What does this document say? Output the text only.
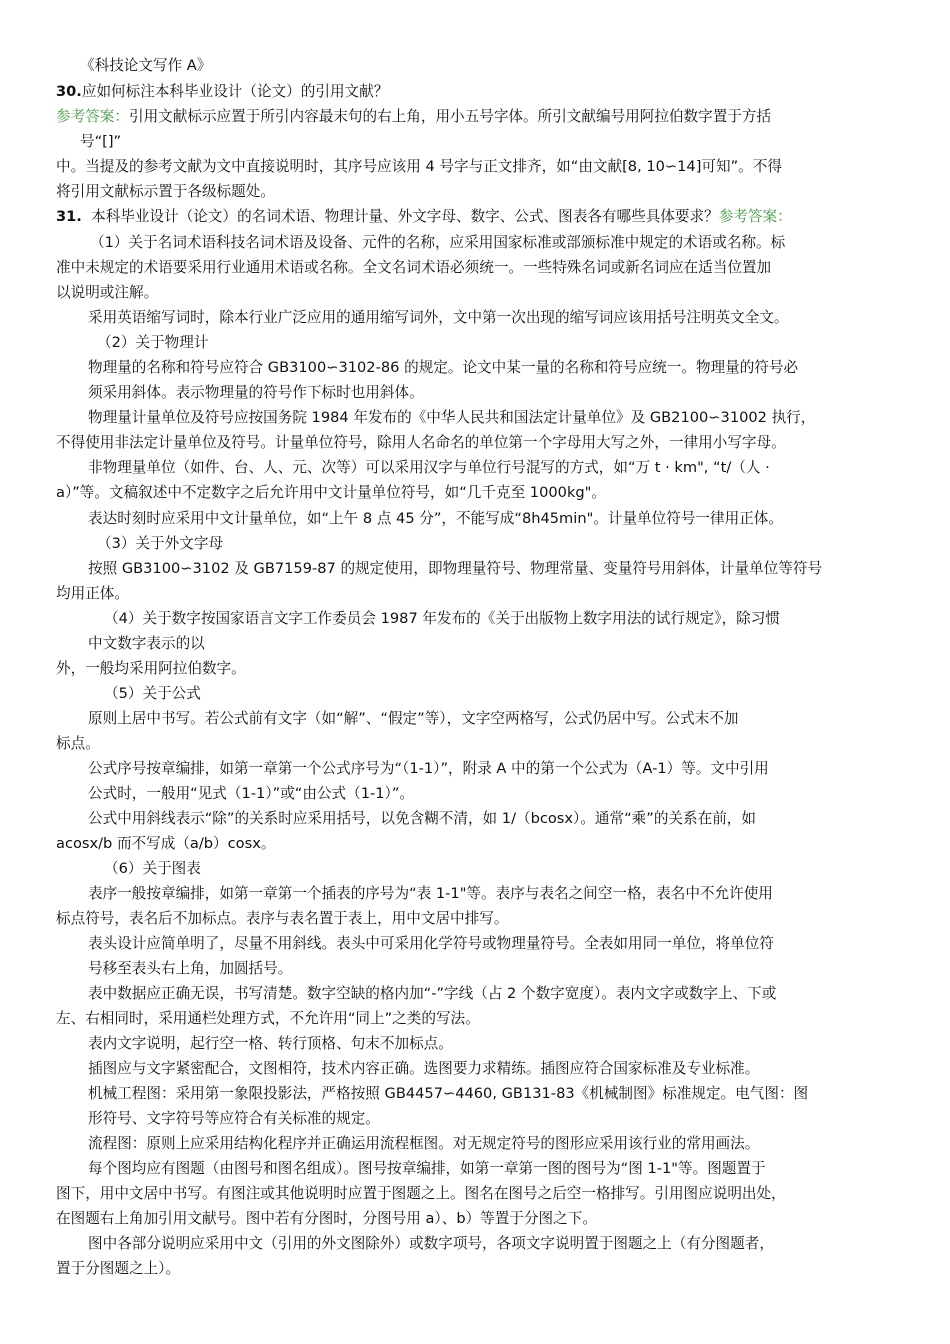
《科技论文写作 A》
30.应如何标注本科毕业设计（论文）的引用文献？
参考答案：引用文献标示应置于所引内容最末句的右上角，用小五号字体。所引文献编号用阿拉伯数字置于方括
号“[]”
中。当提及的参考文献为文中直接说明时，其序号应该用 4 号字与正文排齐，如“由文献[8, 10∽14]可知”。不得
将引用文献标示置于各级标题处。
31. 本科毕业设计（论文）的名词术语、物理计量、外文字母、数字、公式、图表各有哪些具体要求？参考答案：
（1）关于名词术语科技名词术语及设备、元件的名称，应采用国家标准或部颁标准中规定的术语或名称。标
准中未规定的术语要采用行业通用术语或名称。全文名词术语必须统一。一些特殊名词或新名词应在适当位置加
以说明或注解。
采用英语缩写词时，除本行业广泛应用的通用缩写词外，文中第一次出现的缩写词应该用括号注明英文全文。
（2）关于物理计
物理量的名称和符号应符合 GB3100∽3102-86 的规定。论文中某一量的名称和符号应统一。物理量的符号必
须采用斜体。表示物理量的符号作下标时也用斜体。
物理量计量单位及符号应按国务院 1984 年发布的《中华人民共和国法定计量单位》及 GB2100∽31002 执行，
不得使用非法定计量单位及符号。计量单位符号，除用人名命名的单位第一个字母用大写之外，一律用小写字母。
非物理量单位（如件、台、人、元、次等）可以采用汉字与单位行号混写的方式，如“万 t · km", “t/（人 ·
a）”等。文稿叙述中不定数字之后允许用中文计量单位符号，如“几千克至 1000kg"。
表达时刻时应采用中文计量单位，如“上午 8 点 45 分”，不能写成“8h45min"。计量单位符号一律用正体。
（3）关于外文字母
按照 GB3100∽3102 及 GB7159-87 的规定使用，即物理量符号、物理常量、变量符号用斜体，计量单位等符号
均用正体。
（4）关于数字按国家语言文字工作委员会 1987 年发布的《关于出版物上数字用法的试行规定》，除习惯
中文数字表示的以
外，一般均采用阿拉伯数字。
（5）关于公式
原则上居中书写。若公式前有文字（如“解”、“假定”等），文字空两格写，公式仍居中写。公式末不加
标点。
公式序号按章编排，如第一章第一个公式序号为“（1-1）”，附录 A 中的第一个公式为（A-1）等。文中引用
公式时，一般用“见式（1-1）”或“由公式（1-1）”。
公式中用斜线表示“除”的关系时应采用括号，以免含糊不清，如 1/（bcosx）。通常“乘”的关系在前，如
acosx/b 而不写成（a/b）cosx。
（6）关于图表
表序一般按章编排，如第一章第一个插表的序号为“表 1-1"等。表序与表名之间空一格，表名中不允许使用
标点符号，表名后不加标点。表序与表名置于表上，用中文居中排写。
表头设计应简单明了，尽量不用斜线。表头中可采用化学符号或物理量符号。全表如用同一单位，将单位符
号移至表头右上角，加圆括号。
表中数据应正确无误，书写清楚。数字空缺的格内加“-”字线（占 2 个数字宽度）。表内文字或数字上、下或
左、右相同时，采用通栏处理方式，不允许用“同上”之类的写法。
表内文字说明，起行空一格、转行顶格、句末不加标点。
插图应与文字紧密配合，文图相符，技术内容正确。选图要力求精练。插图应符合国家标准及专业标准。
机械工程图：采用第一象限投影法，严格按照 GB4457∽4460, GB131-83《机械制图》标准规定。电气图：图
形符号、文字符号等应符合有关标准的规定。
流程图：原则上应采用结构化程序并正确运用流程框图。对无规定符号的图形应采用该行业的常用画法。
每个图均应有图题（由图号和图名组成）。图号按章编排，如第一章第一图的图号为“图 1-1"等。图题置于
图下，用中文居中书写。有图注或其他说明时应置于图题之上。图名在图号之后空一格排写。引用图应说明出处，
在图题右上角加引用文献号。图中若有分图时，分图号用 a）、b）等置于分图之下。
图中各部分说明应采用中文（引用的外文图除外）或数字项号，各项文字说明置于图题之上（有分图题者，
置于分图题之上）。
